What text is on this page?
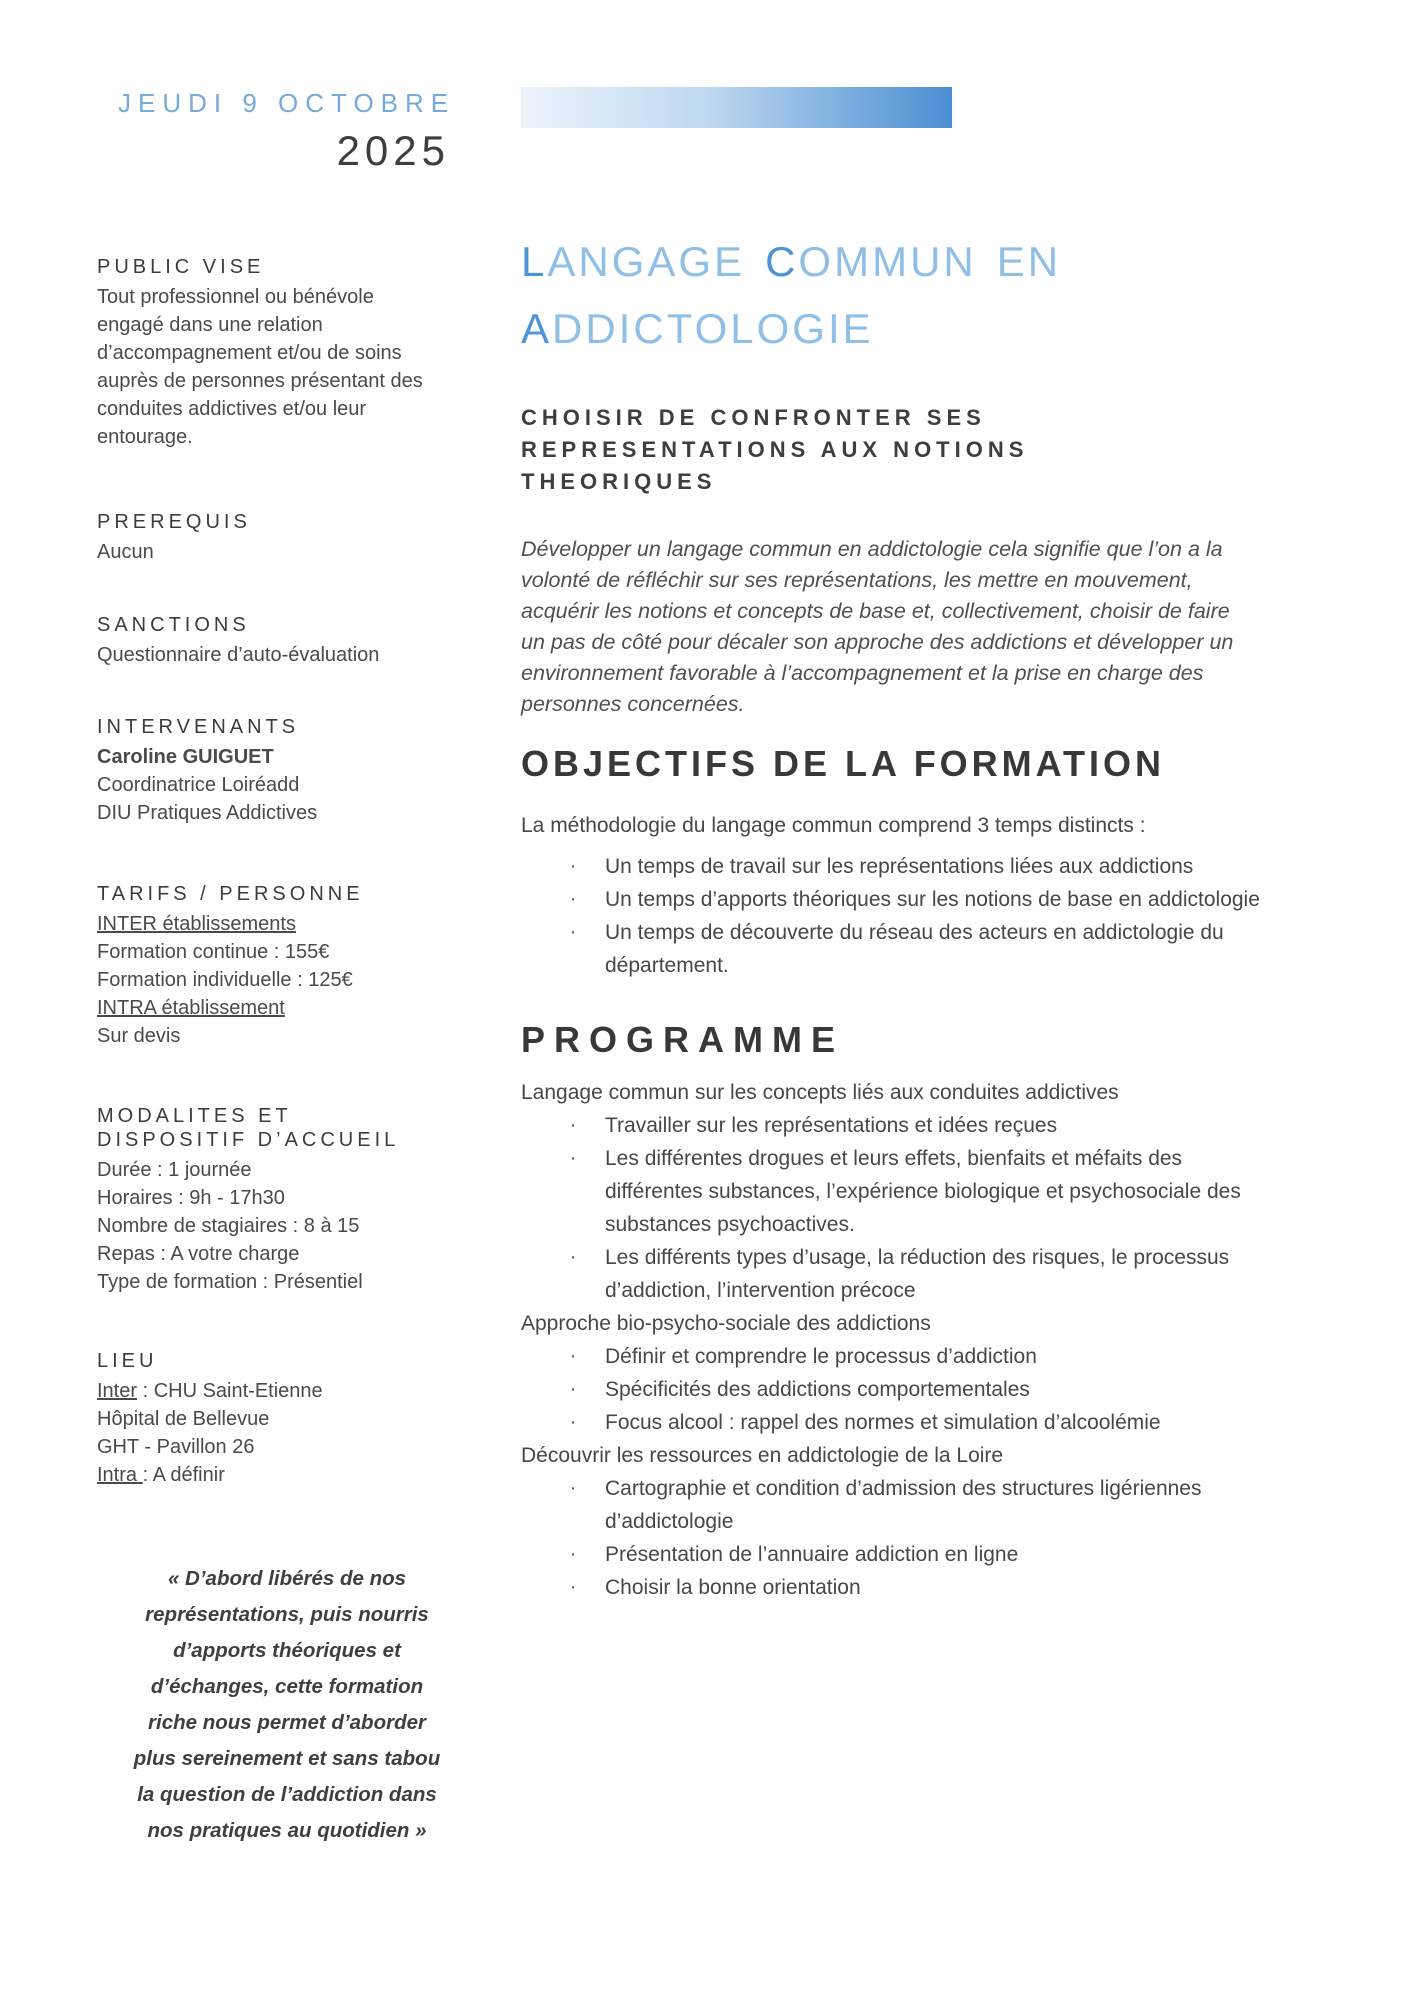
JEUDI 9 OCTOBRE
2025
PUBLIC VISE
Tout professionnel ou bénévole
engagé dans une relation
d’accompagnement et/ou de soins
auprès de personnes présentant des
conduites addictives et/ou leur
entourage.
PREREQUIS
Aucun
SANCTIONS
Questionnaire d’auto-évaluation
INTERVENANTS
Caroline GUIGUET
Coordinatrice Loiréadd
DIU Pratiques Addictives
TARIFS / PERSONNE
INTER établissements
Formation continue : 155€
Formation individuelle : 125€
INTRA établissement
Sur devis
MODALITES ET
DISPOSITIF D’ACCUEIL
Durée : 1 journée
Horaires : 9h - 17h30
Nombre de stagiaires : 8 à 15
Repas : A votre charge
Type de formation : Présentiel
LIEU
Inter : CHU Saint-Etienne
Hôpital de Bellevue
GHT - Pavillon 26
Intra : A définir
« D’abord libérés de nos
représentations, puis nourris
d’apports théoriques et
d’échanges, cette formation
riche nous permet d’aborder
plus sereinement et sans tabou
la question de l’addiction dans
nos pratiques au quotidien »
LANGAGE COMMUN EN
ADDICTOLOGIE
CHOISIR DE CONFRONTER SES
REPRESENTATIONS AUX NOTIONS
THEORIQUES
Développer un langage commun en addictologie cela signifie que l’on a la
volonté de réfléchir sur ses représentations, les mettre en mouvement,
acquérir les notions et concepts de base et, collectivement, choisir de faire
un pas de côté pour décaler son approche des addictions et développer un
environnement favorable à l’accompagnement et la prise en charge des
personnes concernées.
OBJECTIFS DE LA FORMATION
La méthodologie du langage commun comprend 3 temps distincts :
·	Un temps de travail sur les représentations liées aux addictions
·	Un temps d’apports théoriques sur les notions de base en addictologie
·	Un temps de découverte du réseau des acteurs en addictologie du département.
PROGRAMME
Langage commun sur les concepts liés aux conduites addictives
·	Travailler sur les représentations et idées reçues
·	Les différentes drogues et leurs effets, bienfaits et méfaits des différentes substances, l’expérience biologique et psychosociale des substances psychoactives.
·	Les différents types d’usage, la réduction des risques, le processus d’addiction, l’intervention précoce
Approche bio-psycho-sociale des addictions
·	Définir et comprendre le processus d’addiction
·	Spécificités des addictions comportementales
·	Focus alcool : rappel des normes et simulation d’alcoolémie
Découvrir les ressources en addictologie de la Loire
·	Cartographie et condition d’admission des structures ligériennes d’addictologie
·	Présentation de l’annuaire addiction en ligne
·	Choisir la bonne orientation
